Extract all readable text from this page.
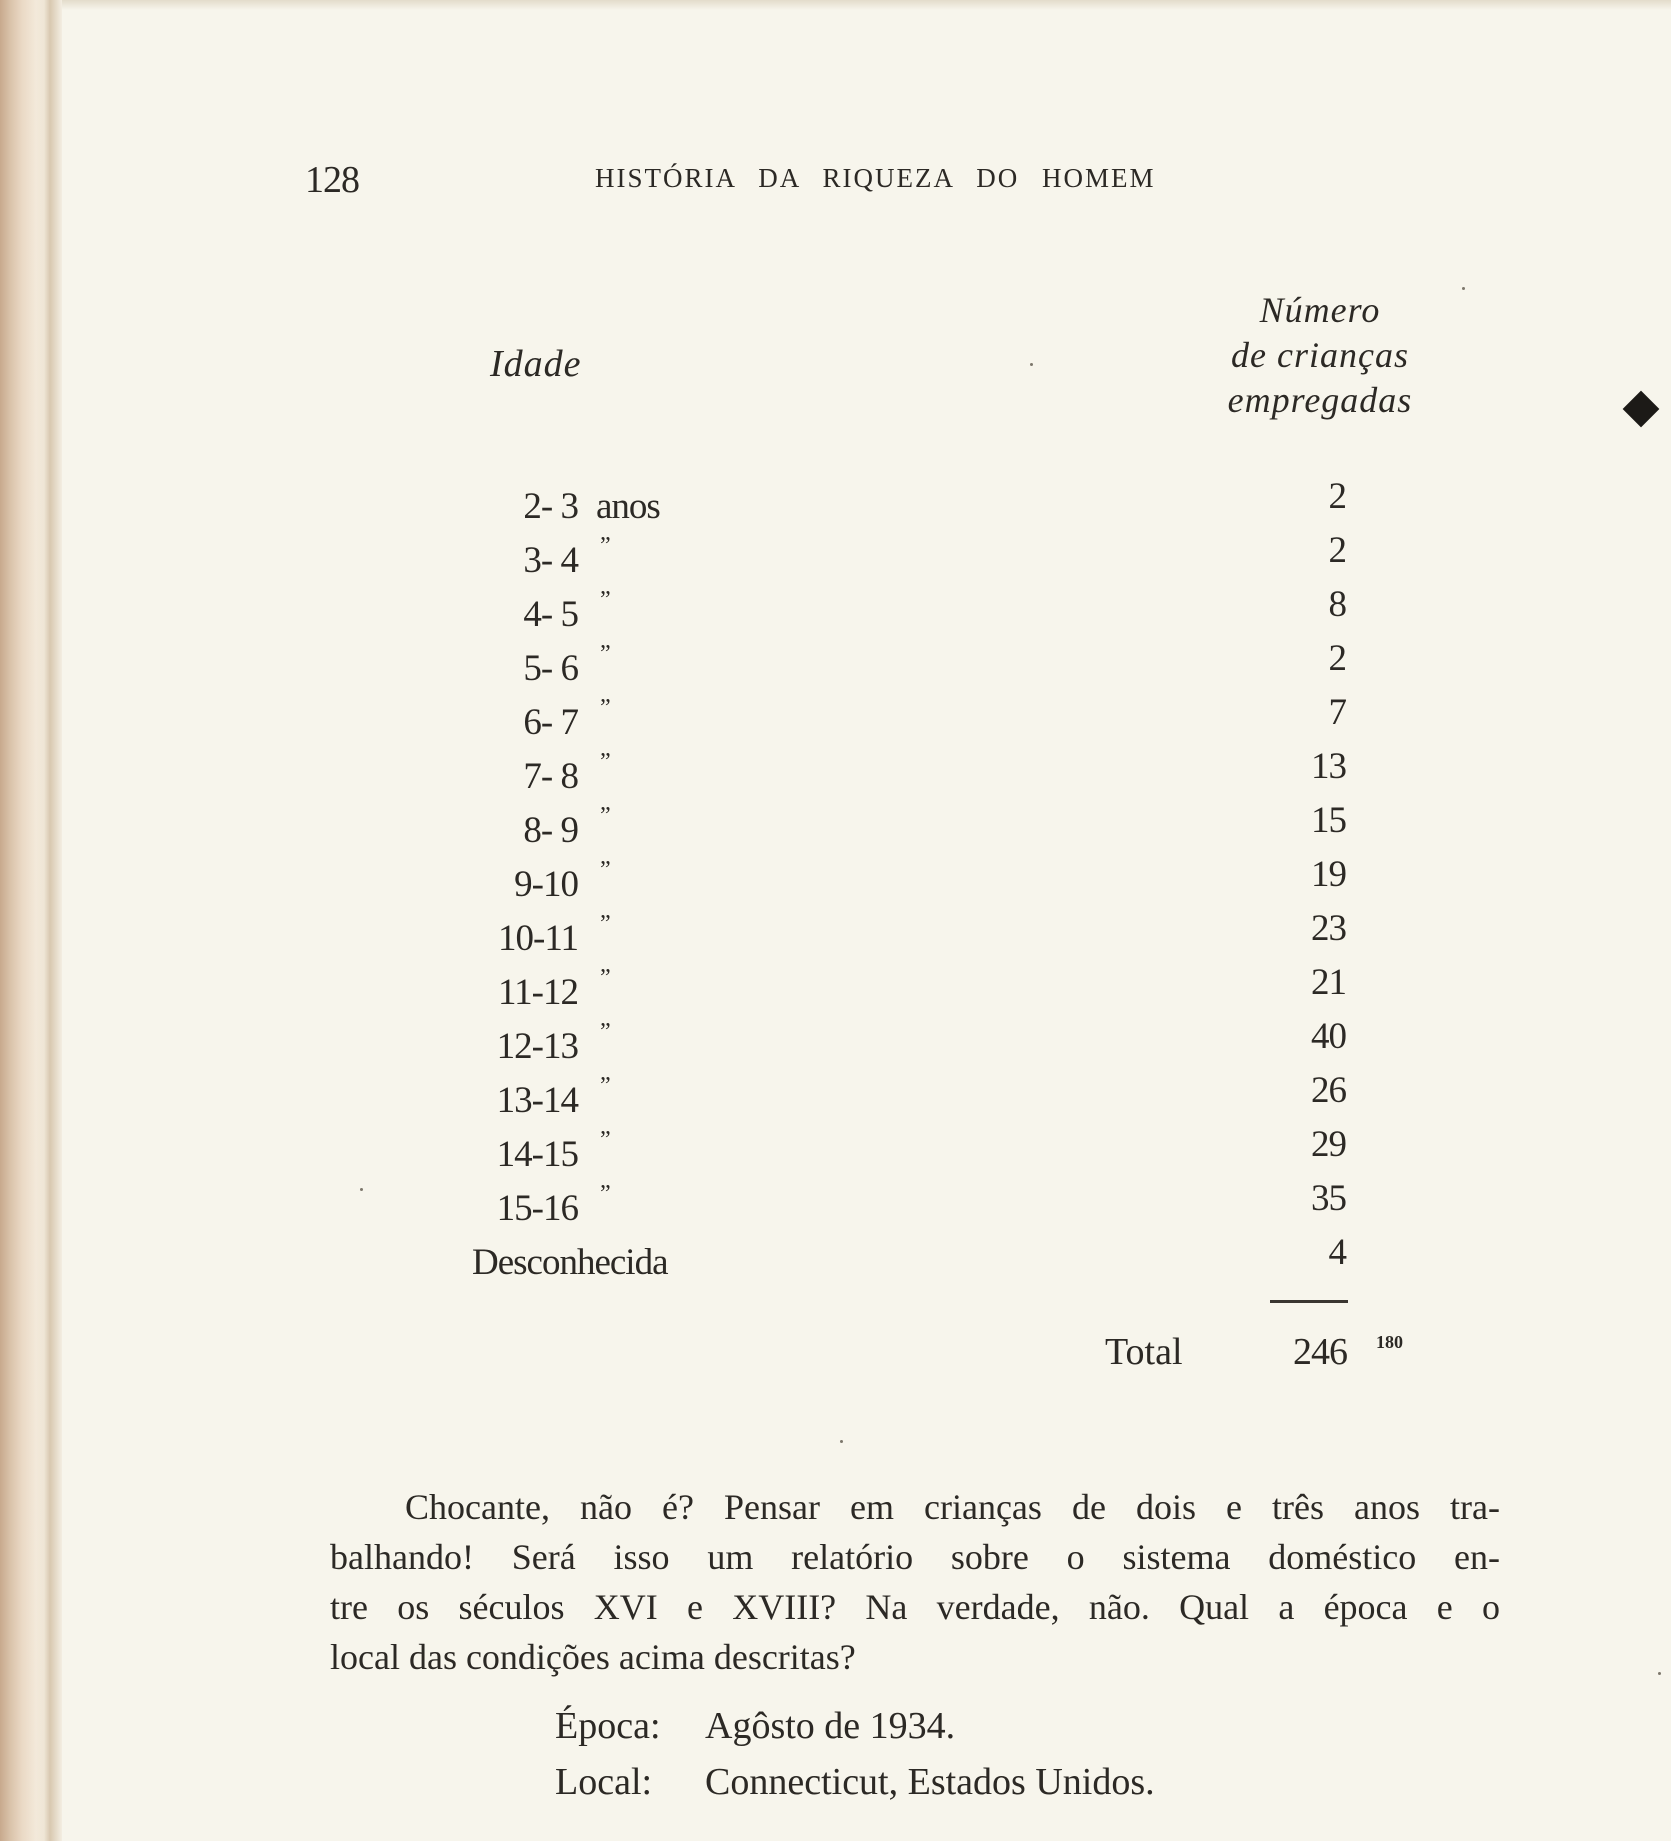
128	HISTÓRIA DA RIQUEZA DO HOMEM
Idade
Número
de crianças
empregadas
2- 3 anos	2
3- 4 ”	2
4- 5 ”	8
5- 6 ”	2
6- 7 ”	7
7- 8 ”	13
8- 9 ”	15
9-10 ”	19
10-11 ”	23
11-12 ”	21
12-13 ”	40
13-14 ”	26
14-15 ”	29
15-16 ”	35
Desconhecida	4
Total	246 180
Chocante, não é? Pensar em crianças de dois e três anos tra-
balhando! Será isso um relatório sobre o sistema doméstico en-
tre os séculos XVI e XVIII? Na verdade, não. Qual a época e o
local das condições acima descritas?
Época: Agôsto de 1934.
Local: Connecticut, Estados Unidos.
